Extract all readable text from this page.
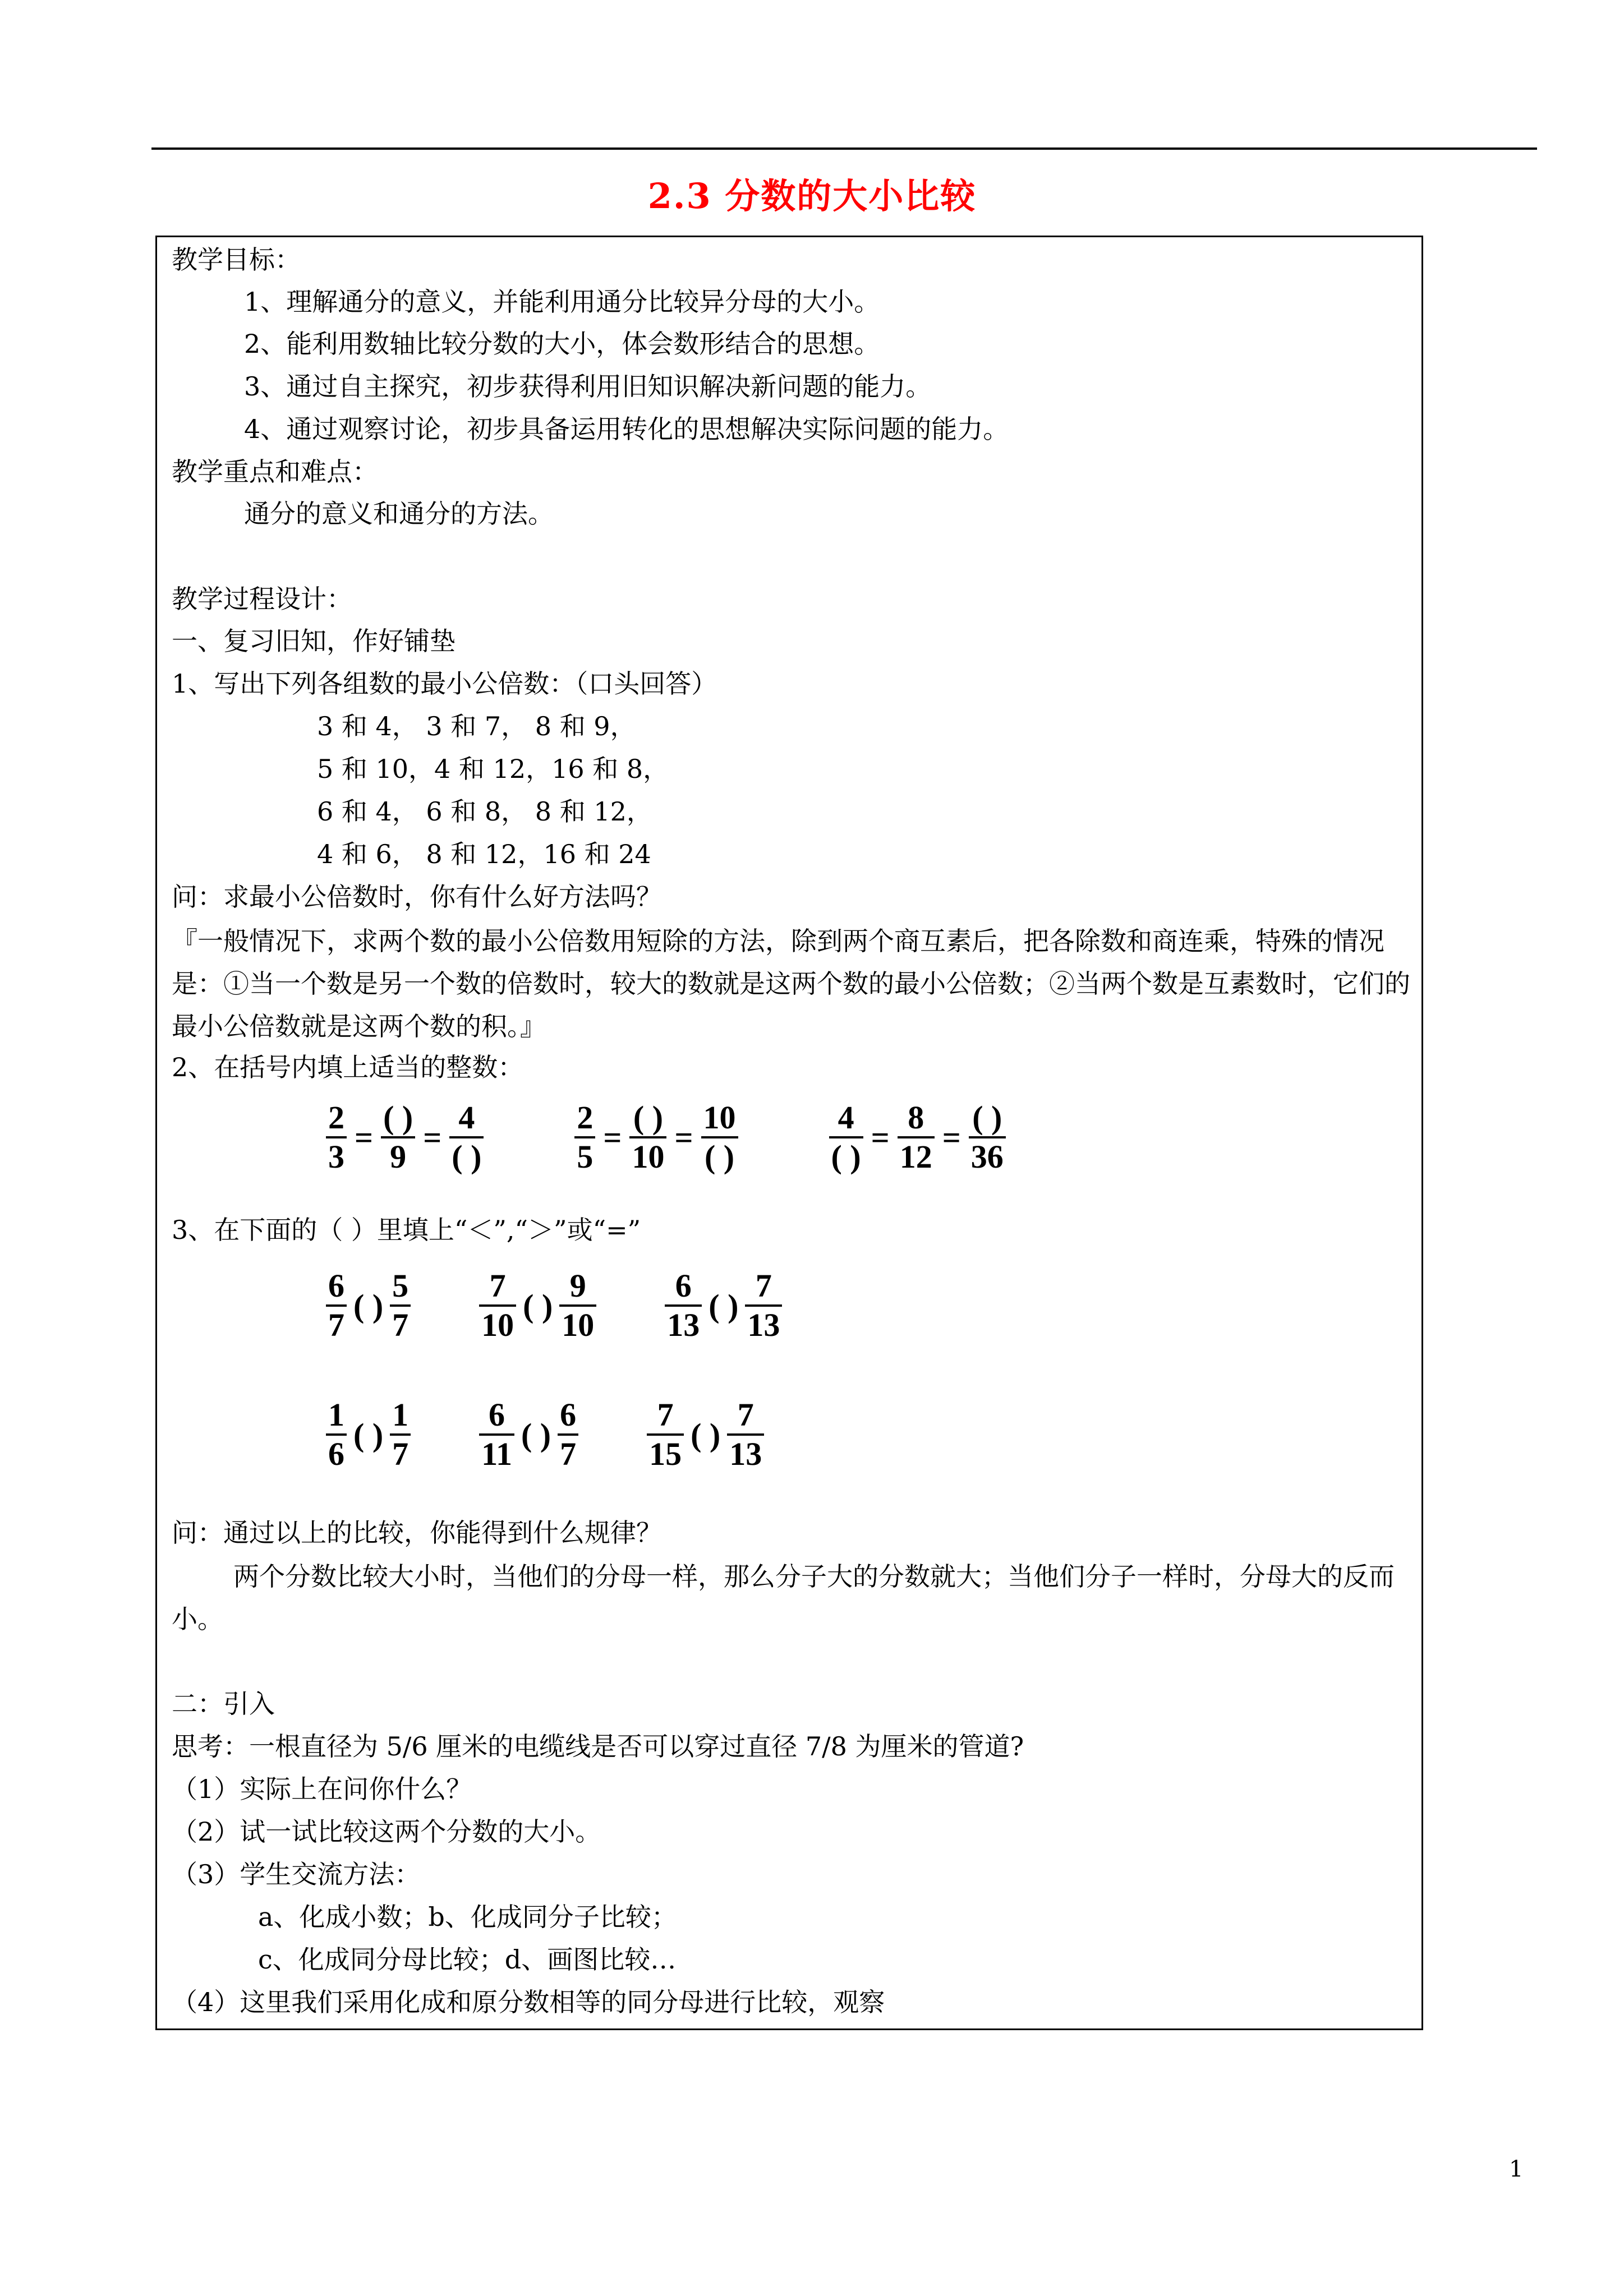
2.3 分数的大小比较
教学目标：
1、理解通分的意义，并能利用通分比较异分母的大小。
2、能利用数轴比较分数的大小，体会数形结合的思想。
3、通过自主探究，初步获得利用旧知识解决新问题的能力。
4、通过观察讨论，初步具备运用转化的思想解决实际问题的能力。
教学重点和难点：
通分的意义和通分的方法。
教学过程设计：
一、复习旧知，作好铺垫
1、写出下列各组数的最小公倍数：（口头回答）
3 和 4， 3 和 7， 8 和 9，
5 和 10，4 和 12，16 和 8，
6 和 4， 6 和 8， 8 和 12，
4 和 6， 8 和 12，16 和 24
问：求最小公倍数时，你有什么好方法吗？
『一般情况下，求两个数的最小公倍数用短除的方法，除到两个商互素后，把各除数和商连乘，特殊的情况是：①当一个数是另一个数的倍数时，较大的数就是这两个数的最小公倍数；②当两个数是互素数时，它们的最小公倍数就是这两个数的积。』
2、在括号内填上适当的整数：
$\frac{2}{3} = \frac{( )}{9} = \frac{4}{( )}$	$\frac{2}{5} = \frac{( )}{10} = \frac{10}{( )}$	$\frac{4}{( )} = \frac{8}{12} = \frac{( )}{36}$
3、在下面的（ ）里填上“＜”,“＞”或“=”
$\frac{6}{7}$ ( ) $\frac{5}{7} \frac{7}{10}$ ( ) $\frac{9}{10} \frac{6}{13}$ ( ) $\frac{7}{13}$
$\frac{1}{6}$ ( ) $\frac{1}{7} \frac{6}{11}$ ( ) $\frac{6}{7} \frac{7}{15}$ ( ) $\frac{7}{13}$
问：通过以上的比较，你能得到什么规律？
两个分数比较大小时，当他们的分母一样，那么分子大的分数就大；当他们分子一样时，分母大的反而小。
二：引入
思考：一根直径为 5/6 厘米的电缆线是否可以穿过直径 7/8 为厘米的管道?
（1）实际上在问你什么？
（2）试一试比较这两个分数的大小。
（3）学生交流方法：
a、化成小数；b、化成同分子比较；
c、化成同分母比较；d、画图比较…
（4）这里我们采用化成和原分数相等的同分母进行比较，观察
1
